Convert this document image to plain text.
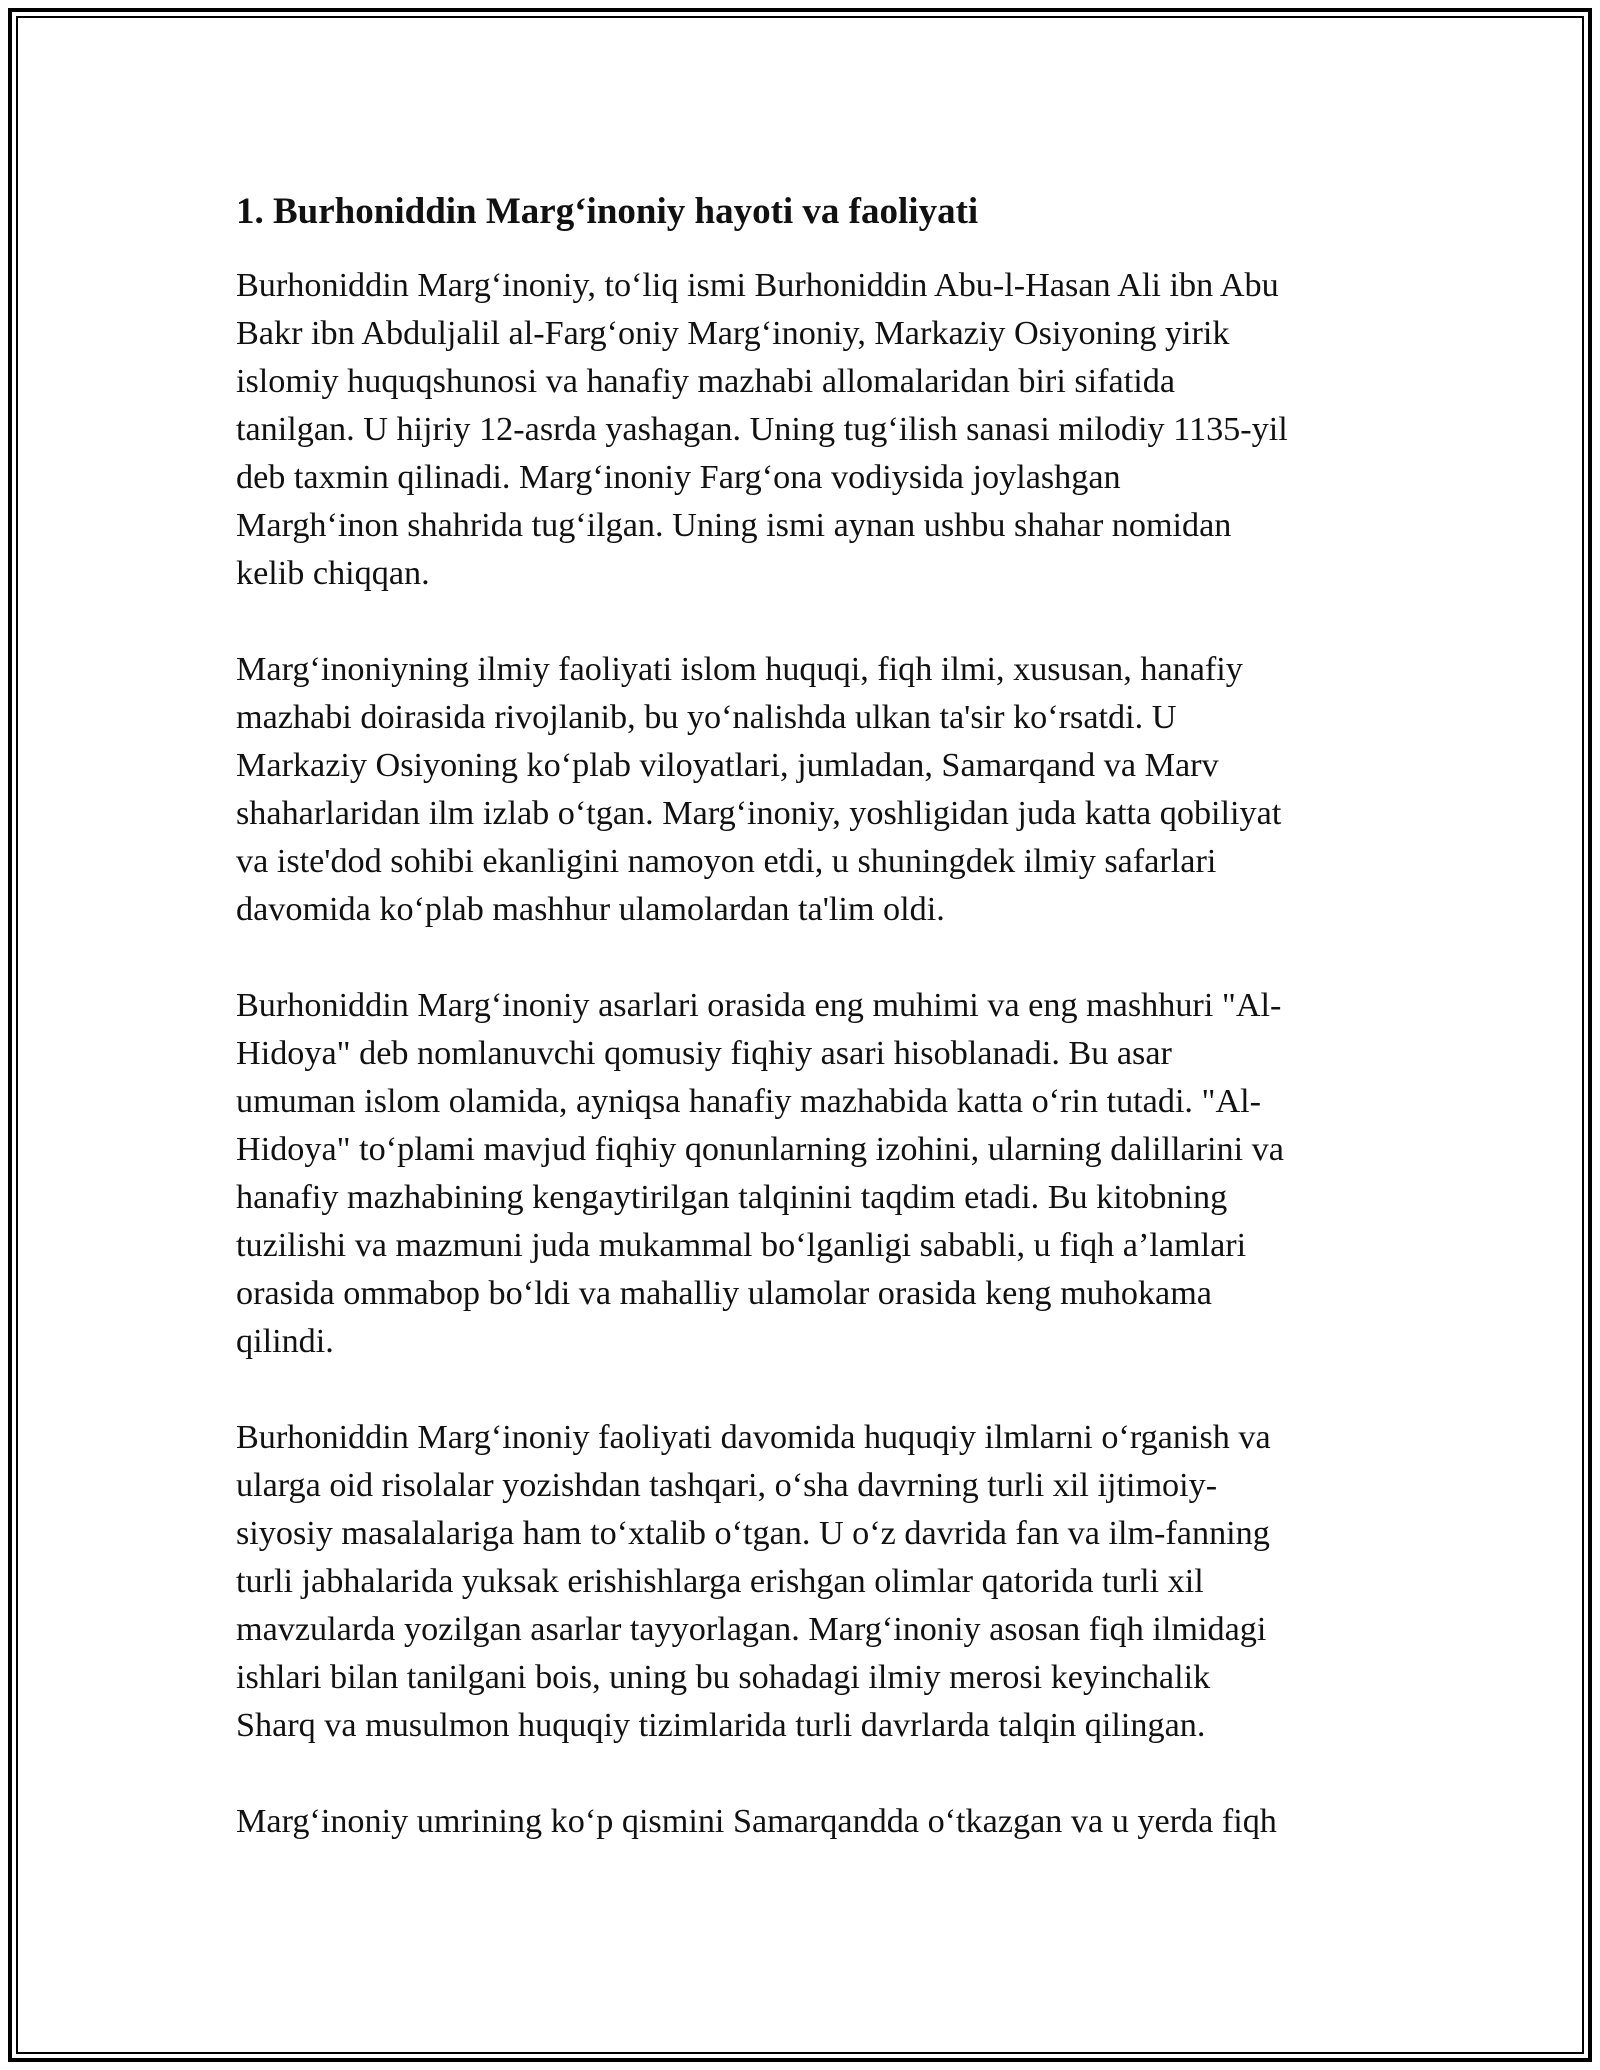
1. Burhoniddin Marg‘inoniy hayoti va faoliyati

Burhoniddin Marg‘inoniy, to‘liq ismi Burhoniddin Abu-l-Hasan Ali ibn Abu
Bakr ibn Abduljalil al-Farg‘oniy Marg‘inoniy, Markaziy Osiyoning yirik
islomiy huquqshunosi va hanafiy mazhabi allomalaridan biri sifatida
tanilgan. U hijriy 12-asrda yashagan. Uning tug‘ilish sanasi milodiy 1135-yil
deb taxmin qilinadi. Marg‘inoniy Farg‘ona vodiysida joylashgan
Margh‘inon shahrida tug‘ilgan. Uning ismi aynan ushbu shahar nomidan
kelib chiqqan.

Marg‘inoniyning ilmiy faoliyati islom huquqi, fiqh ilmi, xususan, hanafiy
mazhabi doirasida rivojlanib, bu yo‘nalishda ulkan ta'sir ko‘rsatdi. U
Markaziy Osiyoning ko‘plab viloyatlari, jumladan, Samarqand va Marv
shaharlaridan ilm izlab o‘tgan. Marg‘inoniy, yoshligidan juda katta qobiliyat
va iste'dod sohibi ekanligini namoyon etdi, u shuningdek ilmiy safarlari
davomida ko‘plab mashhur ulamolardan ta'lim oldi.

Burhoniddin Marg‘inoniy asarlari orasida eng muhimi va eng mashhuri "Al-
Hidoya" deb nomlanuvchi qomusiy fiqhiy asari hisoblanadi. Bu asar
umuman islom olamida, ayniqsa hanafiy mazhabida katta o‘rin tutadi. "Al-
Hidoya" to‘plami mavjud fiqhiy qonunlarning izohini, ularning dalillarini va
hanafiy mazhabining kengaytirilgan talqinini taqdim etadi. Bu kitobning
tuzilishi va mazmuni juda mukammal bo‘lganligi sababli, u fiqh a’lamlari
orasida ommabop bo‘ldi va mahalliy ulamolar orasida keng muhokama
qilindi.

Burhoniddin Marg‘inoniy faoliyati davomida huquqiy ilmlarni o‘rganish va
ularga oid risolalar yozishdan tashqari, o‘sha davrning turli xil ijtimoiy-
siyosiy masalalariga ham to‘xtalib o‘tgan. U o‘z davrida fan va ilm-fanning
turli jabhalarida yuksak erishishlarga erishgan olimlar qatorida turli xil
mavzularda yozilgan asarlar tayyorlagan. Marg‘inoniy asosan fiqh ilmidagi
ishlari bilan tanilgani bois, uning bu sohadagi ilmiy merosi keyinchalik
Sharq va musulmon huquqiy tizimlarida turli davrlarda talqin qilingan.

Marg‘inoniy umrining ko‘p qismini Samarqandda o‘tkazgan va u yerda fiqh
